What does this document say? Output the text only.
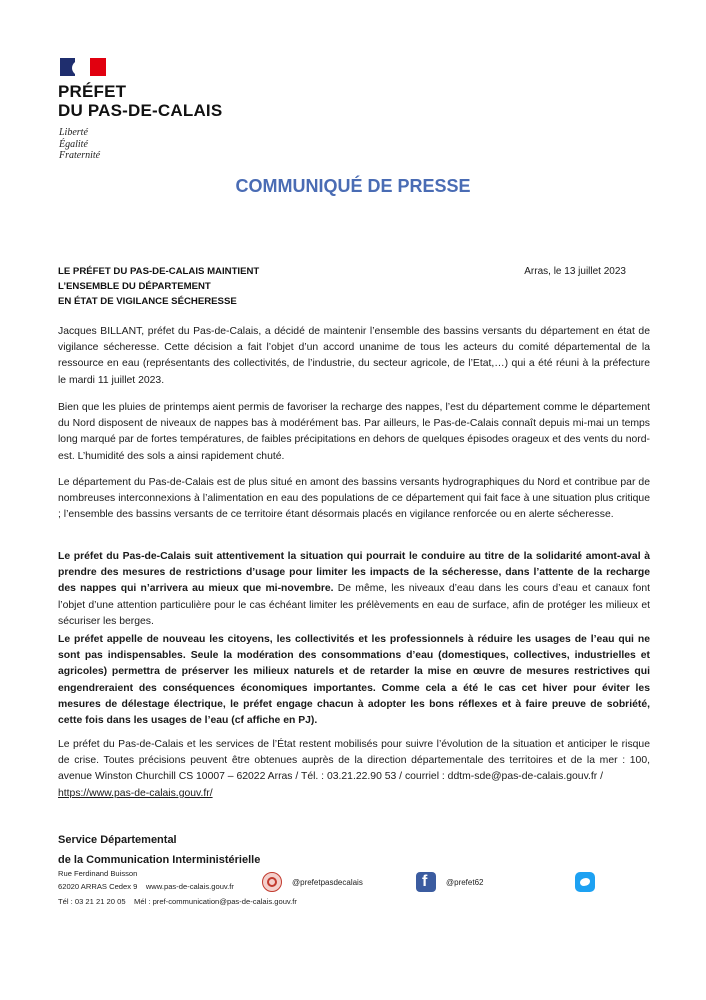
PRÉFET
DU PAS-DE-CALAIS
Liberté
Égalité
Fraternité
COMMUNIQUÉ DE PRESSE
LE PRÉFET DU PAS-DE-CALAIS MAINTIENT
L’ENSEMBLE DU DÉPARTEMENT
EN ÉTAT DE VIGILANCE SÉCHERESSE
Arras, le 13 juillet 2023
Jacques BILLANT, préfet du Pas-de-Calais, a décidé de maintenir l’ensemble des bassins versants du département en état de vigilance sécheresse. Cette décision a fait l’objet d’un accord unanime de tous les acteurs du comité départemental de la ressource en eau (représentants des collectivités, de l’industrie, du secteur agricole, de l’Etat,…) qui a été réuni à la préfecture le mardi 11 juillet 2023.
Bien que les pluies de printemps aient permis de favoriser la recharge des nappes, l’est du département comme le département du Nord disposent de niveaux de nappes bas à modérément bas. Par ailleurs, le Pas-de-Calais connaît depuis mi-mai un temps long marqué par de fortes températures, de faibles précipitations en dehors de quelques épisodes orageux et des vents du nord-est. L’humidité des sols a ainsi rapidement chuté.
Le département du Pas-de-Calais est de plus situé en amont des bassins versants hydrographiques du Nord et contribue par de nombreuses interconnexions à l’alimentation en eau des populations de ce département qui fait face à une situation plus critique ; l’ensemble des bassins versants de ce territoire étant désormais placés en vigilance renforcée ou en alerte sécheresse.
Le préfet du Pas-de-Calais suit attentivement la situation qui pourrait le conduire au titre de la solidarité amont-aval à prendre des mesures de restrictions d’usage pour limiter les impacts de la sécheresse, dans l’attente de la recharge des nappes qui n’arrivera au mieux que mi-novembre. De même, les niveaux d’eau dans les cours d’eau et canaux font l’objet d’une attention particulière pour le cas échéant limiter les prélèvements en eau de surface, afin de protéger les milieux et sécuriser les berges.
Le préfet appelle de nouveau les citoyens, les collectivités et les professionnels à réduire les usages de l’eau qui ne sont pas indispensables. Seule la modération des consommations d’eau (domestiques, collectives, industrielles et agricoles) permettra de préserver les milieux naturels et de retarder la mise en œuvre de mesures restrictives qui engendreraient des conséquences économiques importantes. Comme cela a été le cas cet hiver pour éviter les mesures de délestage électrique, le préfet engage chacun à adopter les bons réflexes et à faire preuve de sobriété, cette fois dans les usages de l’eau (cf affiche en PJ).
Le préfet du Pas-de-Calais et les services de l’État restent mobilisés pour suivre l’évolution de la situation et anticiper le risque de crise. Toutes précisions peuvent être obtenues auprès de la direction départementale des territoires et de la mer : 100, avenue Winston Churchill CS 10007 – 62022 Arras / Tél. : 03.21.22.90 53 / courriel : ddtm-sde@pas-de-calais.gouv.fr /
https://www.pas-de-calais.gouv.fr/
Service Départemental
de la Communication Interministérielle
Rue Ferdinand Buisson
62020 ARRAS Cedex 9 www.pas-de-calais.gouv.fr
Tél : 03 21 21 20 05 Mél : pref-communication@pas-de-calais.gouv.fr
@prefetpasdecalais
f	@prefet62
